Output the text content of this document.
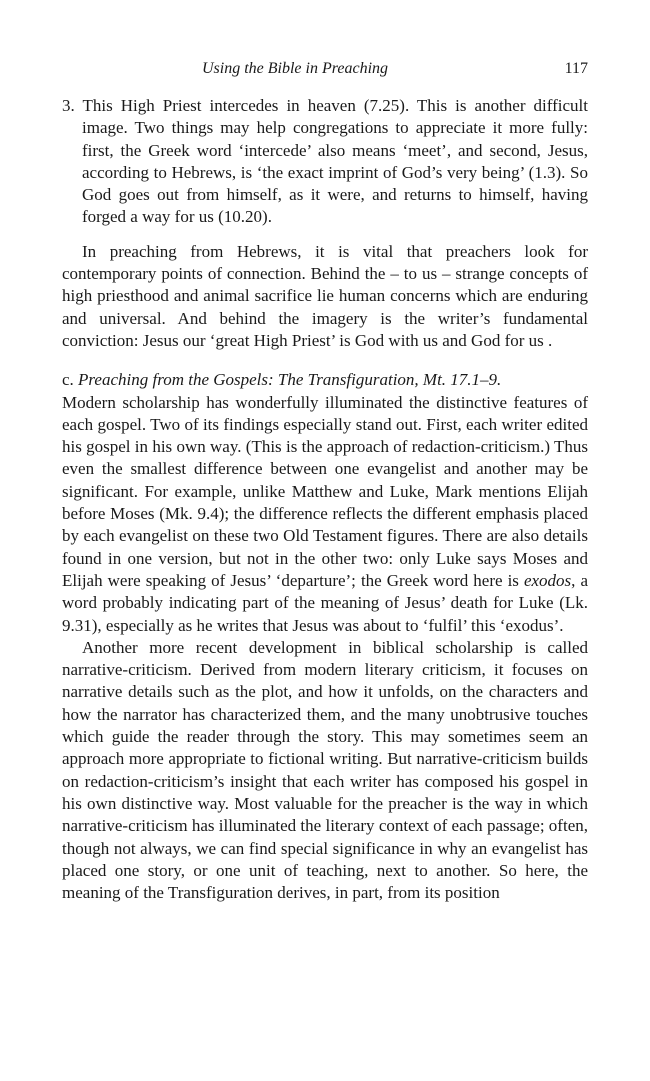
Using the Bible in Preaching	117

3. This High Priest intercedes in heaven (7.25). This is another difficult image. Two things may help congregations to appreciate it more fully: first, the Greek word ‘intercede’ also means ‘meet’, and second, Jesus, according to Hebrews, is ‘the exact imprint of God’s very being’ (1.3). So God goes out from himself, as it were, and returns to himself, having forged a way for us (10.20).

In preaching from Hebrews, it is vital that preachers look for contemporary points of connection. Behind the – to us – strange concepts of high priesthood and animal sacrifice lie human concerns which are enduring and universal. And behind the imagery is the writer’s fundamental conviction: Jesus our ‘great High Priest’ is God with us and God for us .

c. Preaching from the Gospels: The Transfiguration, Mt. 17.1–9.

Modern scholarship has wonderfully illuminated the distinctive features of each gospel. Two of its findings especially stand out. First, each writer edited his gospel in his own way. (This is the approach of redaction-criticism.) Thus even the smallest difference between one evangelist and another may be significant. For example, unlike Matthew and Luke, Mark mentions Elijah before Moses (Mk. 9.4); the difference reflects the different emphasis placed by each evangelist on these two Old Testament figures. There are also details found in one version, but not in the other two: only Luke says Moses and Elijah were speaking of Jesus’ ‘departure’; the Greek word here is exodos, a word probably indicating part of the meaning of Jesus’ death for Luke (Lk. 9.31), especially as he writes that Jesus was about to ‘fulfil’ this ‘exodus’.

Another more recent development in biblical scholarship is called narrative-criticism. Derived from modern literary criticism, it focuses on narrative details such as the plot, and how it unfolds, on the characters and how the narrator has characterized them, and the many unobtrusive touches which guide the reader through the story. This may sometimes seem an approach more appropriate to fictional writing. But narrative-criticism builds on redaction-criticism’s insight that each writer has composed his gospel in his own distinctive way. Most valuable for the preacher is the way in which narrative-criticism has illuminated the literary context of each passage; often, though not always, we can find special significance in why an evangelist has placed one story, or one unit of teaching, next to another. So here, the meaning of the Transfiguration derives, in part, from its position
